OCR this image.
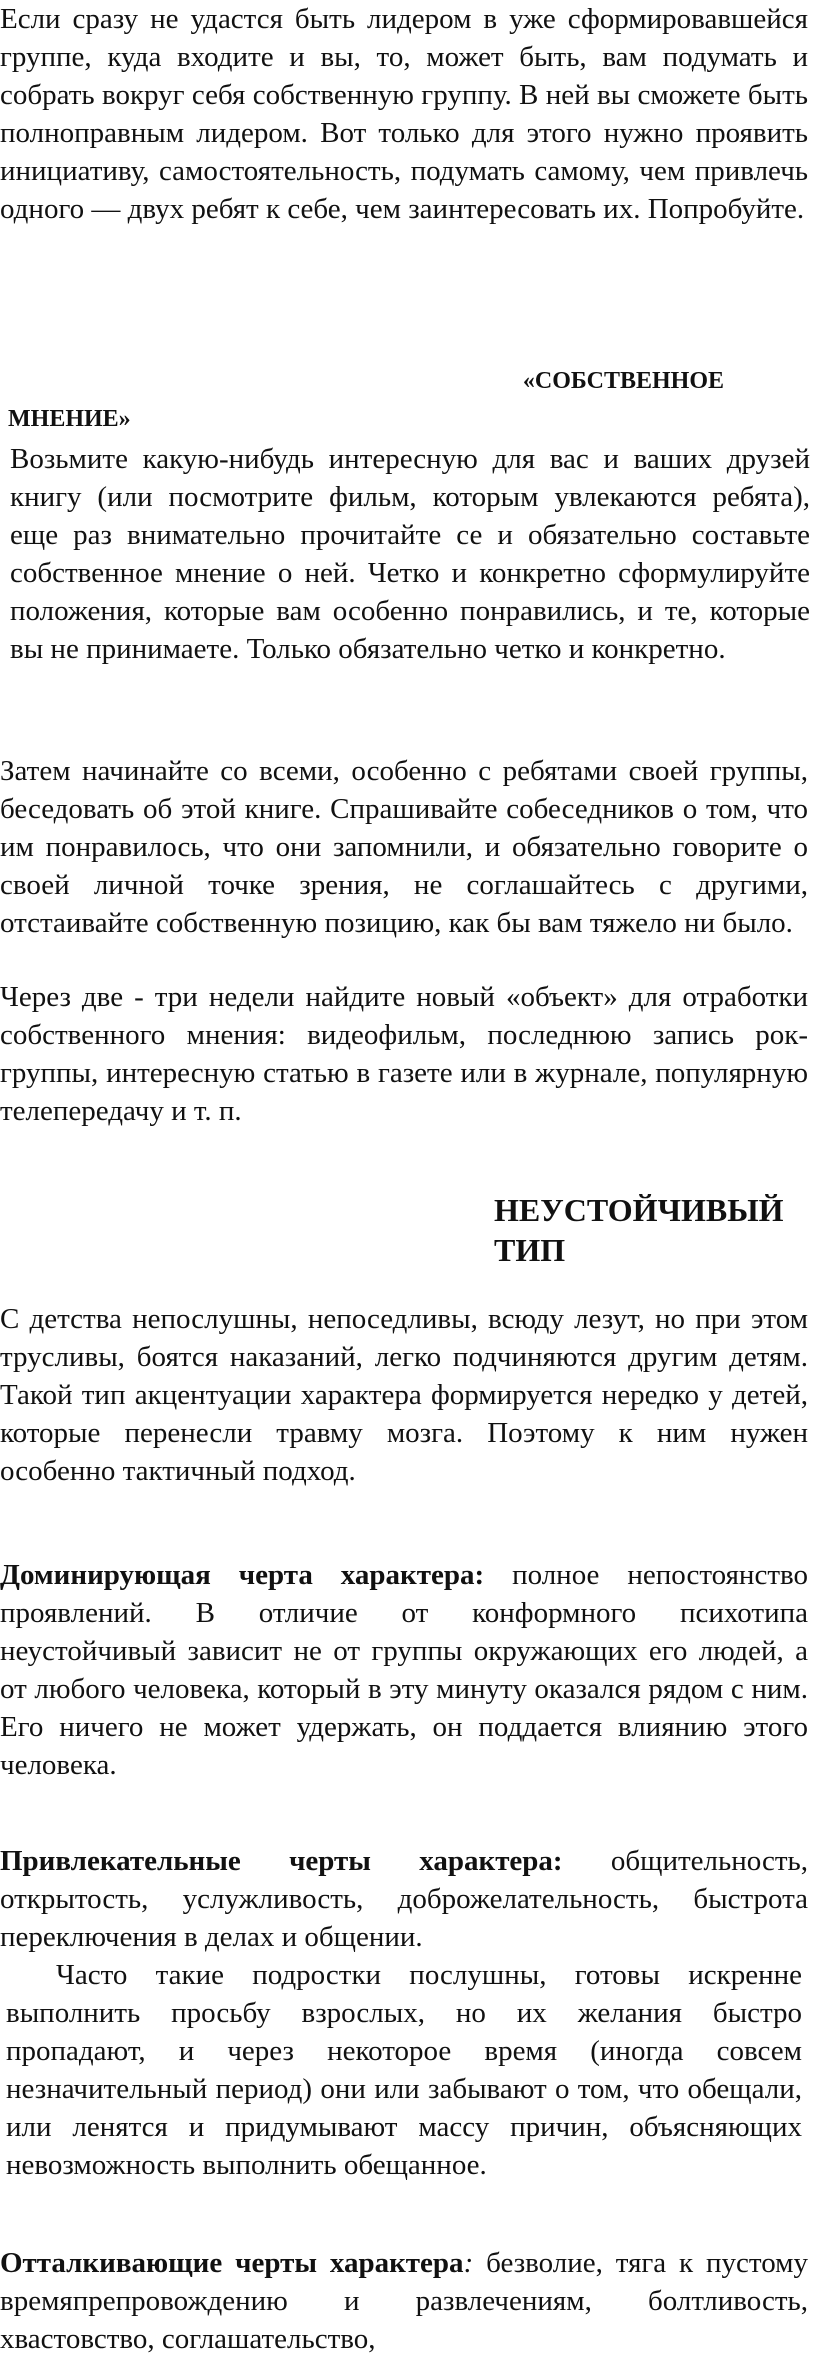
Если сразу не удастся быть лидером в уже сформировавшейся группе, куда входите и вы, то, может быть, вам подумать и собрать вокруг себя собственную группу. В ней вы сможете быть полноправным лидером. Вот только для этого нужно проявить инициативу, самостоятельность, подумать самому, чем привлечь одного — двух ребят к себе, чем заинтересовать их. Попробуйте.

«СОБСТВЕННОЕ
МНЕНИЕ»

Возьмите какую-нибудь интересную для вас и ваших друзей книгу (или посмотрите фильм, которым увлекаются ребята), еще раз внимательно прочитайте се и обязательно составьте собственное мнение о ней. Четко и конкретно сформулируйте положения, которые вам особенно понравились, и те, которые вы не принимаете. Только обязательно четко и конкретно.

Затем начинайте со всеми, особенно с ребятами своей группы, беседовать об этой книге. Спрашивайте собеседников о том, что им понравилось, что они запомнили, и обязательно говорите о своей личной точке зрения, не соглашайтесь с другими, отстаивайте собственную позицию, как бы вам тяжело ни было.

Через две - три недели найдите новый «объект» для отработки собственного мнения: видеофильм, последнюю запись рок-группы, интересную статью в газете или в журнале, популярную телепередачу и т. п.

НЕУСТОЙЧИВЫЙ
ТИП

С детства непослушны, непоседливы, всюду лезут, но при этом трусливы, боятся наказаний, легко подчиняются другим детям. Такой тип акцентуации характера формируется нередко у детей, которые перенесли травму мозга. Поэтому к ним нужен особенно тактичный подход.

Доминирующая черта характера: полное непостоянство проявлений. В отличие от конформного психотипа неустойчивый зависит не от группы окружающих его людей, а от любого человека, который в эту минуту оказался рядом с ним. Его ничего не может удержать, он поддается влиянию этого человека.

Привлекательные черты характера: общительность, открытость, услужливость, доброжелательность, быстрота переключения в делах и общении.

Часто такие подростки послушны, готовы искренне выполнить просьбу взрослых, но их желания быстро пропадают, и через некоторое время (иногда совсем незначительный период) они или забывают о том, что обещали, или ленятся и придумывают массу причин, объясняющих невозможность выполнить обещанное.

Отталкивающие черты характера: безволие, тяга к пустому времяпрепровождению и развлечениям, болтливость, хвастовство, соглашательство,
